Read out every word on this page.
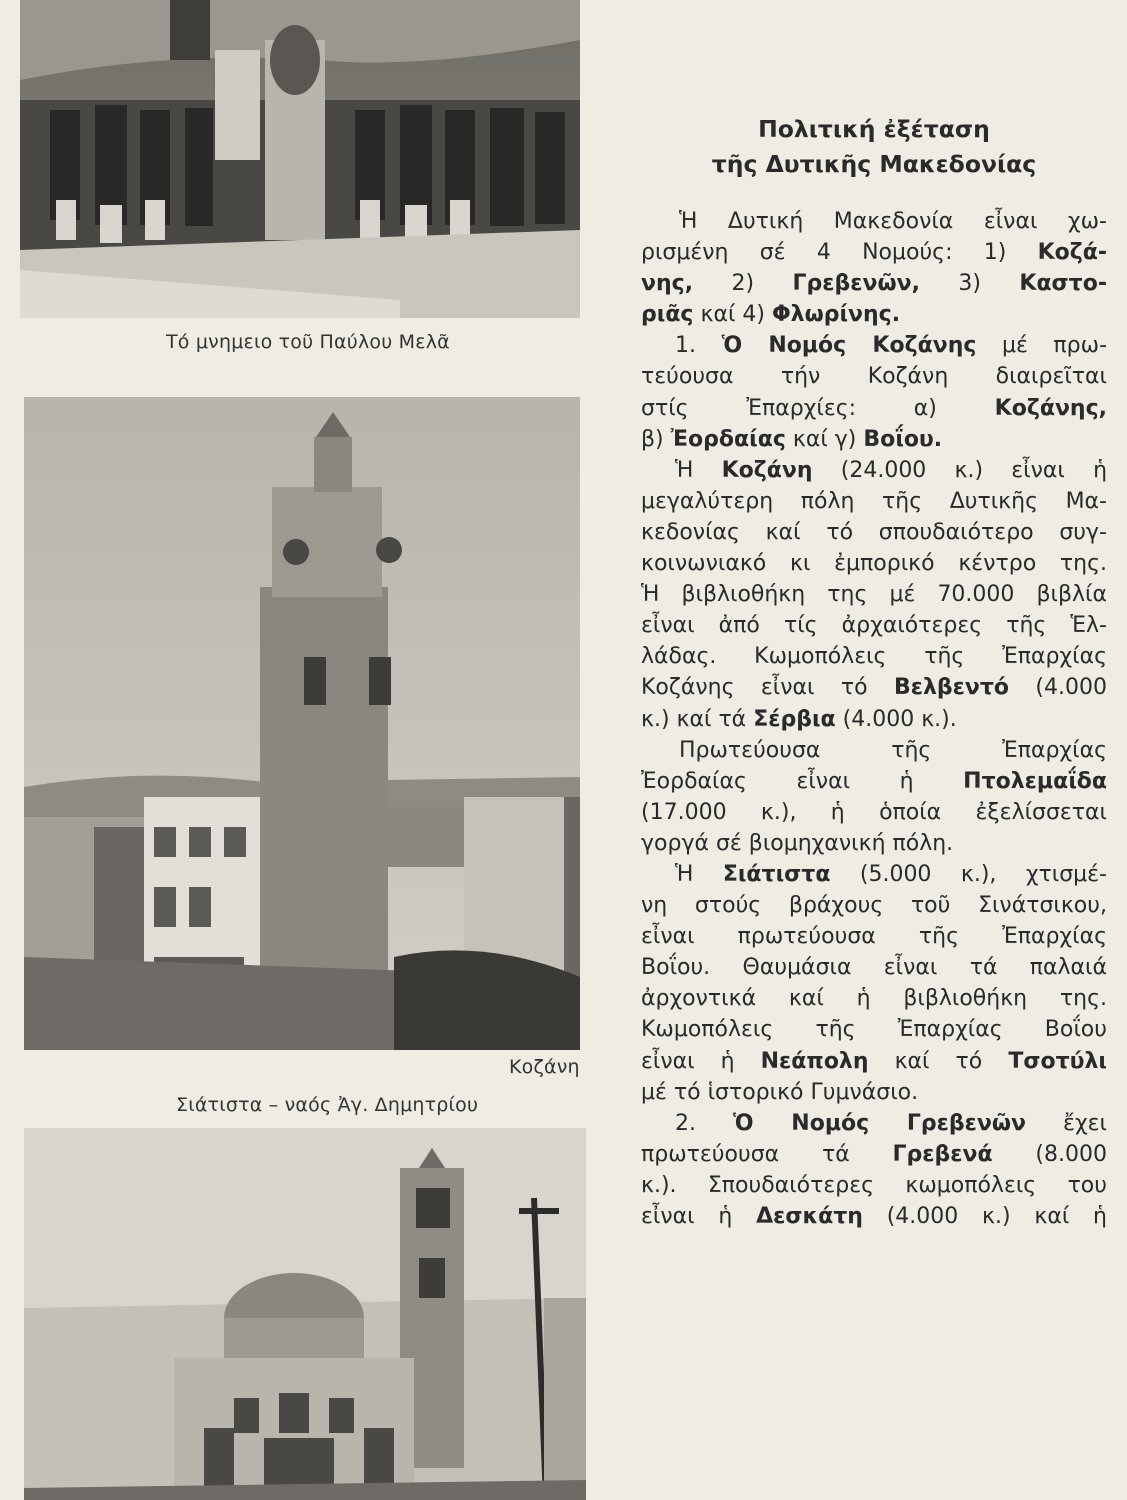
Τό μνημειο τοῦ Παύλου Μελᾶ
Κοζάνη
Σιάτιστα – ναός Ἀγ. Δημητρίου
Πολιτική ἐξέταση
τῆς Δυτικῆς Μακεδονίας
Ἡ Δυτική Μακεδονία εἶναι χω-
ρισμένη σέ 4 Νομούς: 1) Κοζά-
νης, 2) Γρεβενῶν, 3) Καστο-
ριᾶς καί 4) Φλωρίνης.
1. Ὁ Νομός Κοζάνης μέ πρω-
τεύουσα τήν Κοζάνη διαιρεῖται
στίς Ἐπαρχίες: α) Κοζάνης,
β) Ἐορδαίας καί γ) Βοΐου.
Ἡ Κοζάνη (24.000 κ.) εἶναι ἡ
μεγαλύτερη πόλη τῆς Δυτικῆς Μα-
κεδονίας καί τό σπουδαιότερο συγ-
κοινωνιακό κι ἐμπορικό κέντρο της.
Ἡ βιβλιοθήκη της μέ 70.000 βιβλία
εἶναι ἀπό τίς ἀρχαιότερες τῆς Ἑλ-
λάδας. Κωμοπόλεις τῆς Ἐπαρχίας
Κοζάνης εἶναι τό Βελβεντό (4.000
κ.) καί τά Σέρβια (4.000 κ.).
Πρωτεύουσα τῆς Ἐπαρχίας
Ἐορδαίας εἶναι ἡ Πτολεμαΐδα
(17.000 κ.), ἡ ὁποία ἐξελίσσεται
γοργά σέ βιομηχανική πόλη.
Ἡ Σιάτιστα (5.000 κ.), χτισμέ-
νη στούς βράχους τοῦ Σινάτσικου,
εἶναι πρωτεύουσα τῆς Ἐπαρχίας
Βοΐου. Θαυμάσια εἶναι τά παλαιά
ἀρχοντικά καί ἡ βιβλιοθήκη της.
Κωμοπόλεις τῆς Ἐπαρχίας Βοΐου
εἶναι ἡ Νεάπολη καί τό Τσοτύλι
μέ τό ἱστορικό Γυμνάσιο.
2. Ὁ Νομός Γρεβενῶν ἔχει
πρωτεύουσα τά Γρεβενά (8.000
κ.). Σπουδαιότερες κωμοπόλεις του
εἶναι ἡ Δεσκάτη (4.000 κ.) καί ἡ
